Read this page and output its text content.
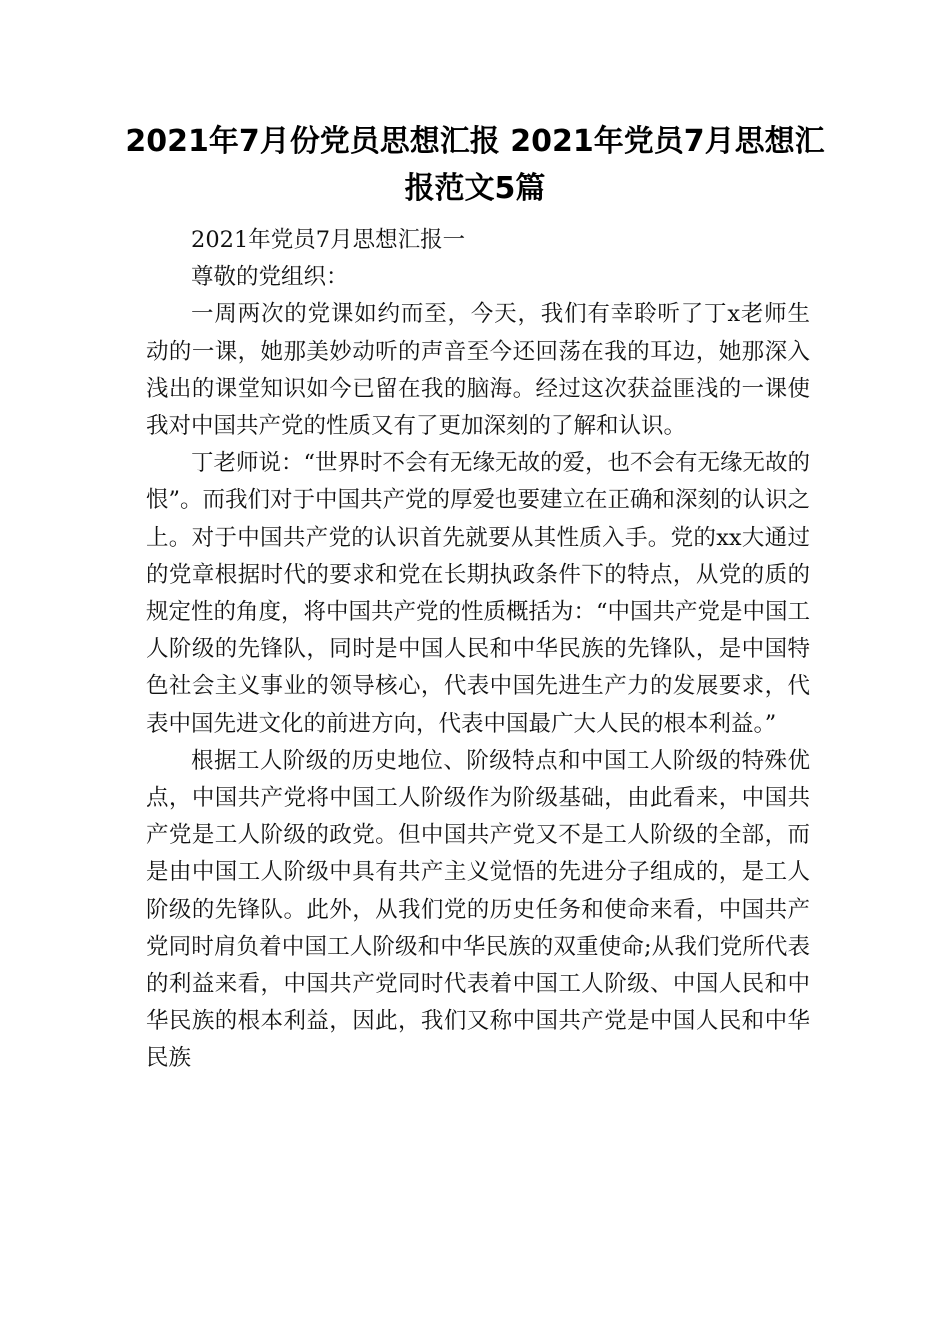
2021年7月份党员思想汇报 2021年党员7月思想汇报范文5篇

2021年党员7月思想汇报一

尊敬的党组织：

一周两次的党课如约而至，今天，我们有幸聆听了丁x老师生动的一课，她那美妙动听的声音至今还回荡在我的耳边，她那深入浅出的课堂知识如今已留在我的脑海。经过这次获益匪浅的一课使我对中国共产党的性质又有了更加深刻的了解和认识。

丁老师说：“世界时不会有无缘无故的爱，也不会有无缘无故的恨”。而我们对于中国共产党的厚爱也要建立在正确和深刻的认识之上。对于中国共产党的认识首先就要从其性质入手。党的xx大通过的党章根据时代的要求和党在长期执政条件下的特点，从党的质的规定性的角度，将中国共产党的性质概括为：“中国共产党是中国工人阶级的先锋队，同时是中国人民和中华民族的先锋队，是中国特色社会主义事业的领导核心，代表中国先进生产力的发展要求，代表中国先进文化的前进方向，代表中国最广大人民的根本利益。”

根据工人阶级的历史地位、阶级特点和中国工人阶级的特殊优点，中国共产党将中国工人阶级作为阶级基础，由此看来，中国共产党是工人阶级的政党。但中国共产党又不是工人阶级的全部，而是由中国工人阶级中具有共产主义觉悟的先进分子组成的，是工人阶级的先锋队。此外，从我们党的历史任务和使命来看，中国共产党同时肩负着中国工人阶级和中华民族的双重使命;从我们党所代表的利益来看，中国共产党同时代表着中国工人阶级、中国人民和中华民族的根本利益，因此，我们又称中国共产党是中国人民和中华民族
